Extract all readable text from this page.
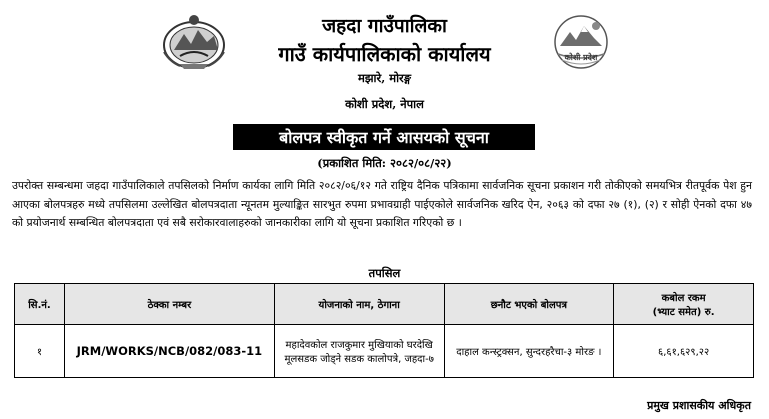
कोशी प्रदेश
जहदा गाउँपालिका
गाउँ कार्यपालिकाको कार्यालय
मझारे, मोरङ्ग
कोशी प्रदेश, नेपाल
बोलपत्र स्वीकृत गर्ने आसयको सूचना
(प्रकाशित मिति: २०८२/०८/२२)
उपरोक्त सम्बन्धमा जहदा गाउँपालिकाले तपसिलको निर्माण कार्यका लागि मिति २०८२/०६/१२ गते राष्ट्रिय दैनिक पत्रिकामा सार्वजनिक सूचना प्रकाशन गरी तोकीएको समयभित्र रीतपूर्वक पेश हुन आएका बोलपत्रहरु मध्ये तपसिलमा उल्लेखित बोलपत्रदाता न्यूनतम मुल्याङ्कित सारभुत रुपमा प्रभावग्राही पाईएकोले सार्वजनिक खरिद ऐन, २०६३ को दफा २७ (१), (२) र सोही ऐनको दफा ४७ को प्रयोजनार्थ सम्बन्धित बोलपत्रदाता एवं सबै सरोकारवालाहरुको जानकारीका लागि यो सूचना प्रकाशित गरिएको छ ।
तपसिल
सि.नं.	ठेक्का नम्बर	योजनाको नाम, ठेगाना	छनौट भएको बोलपत्र	कबोल रकम
(भ्याट समेत) रु.
१	JRM/WORKS/NCB/082/083-11	महादेवकोल राजकुमार मुखियाको घरदेखि मूलसडक जोड्ने सडक कालोपत्रे, जहदा-७	दाहाल कन्स्ट्रक्सन, सुन्दरहरैचा-३ मोरङ ।	६,६१,६२९,२२
प्रमुख प्रशासकीय अधिकृत
